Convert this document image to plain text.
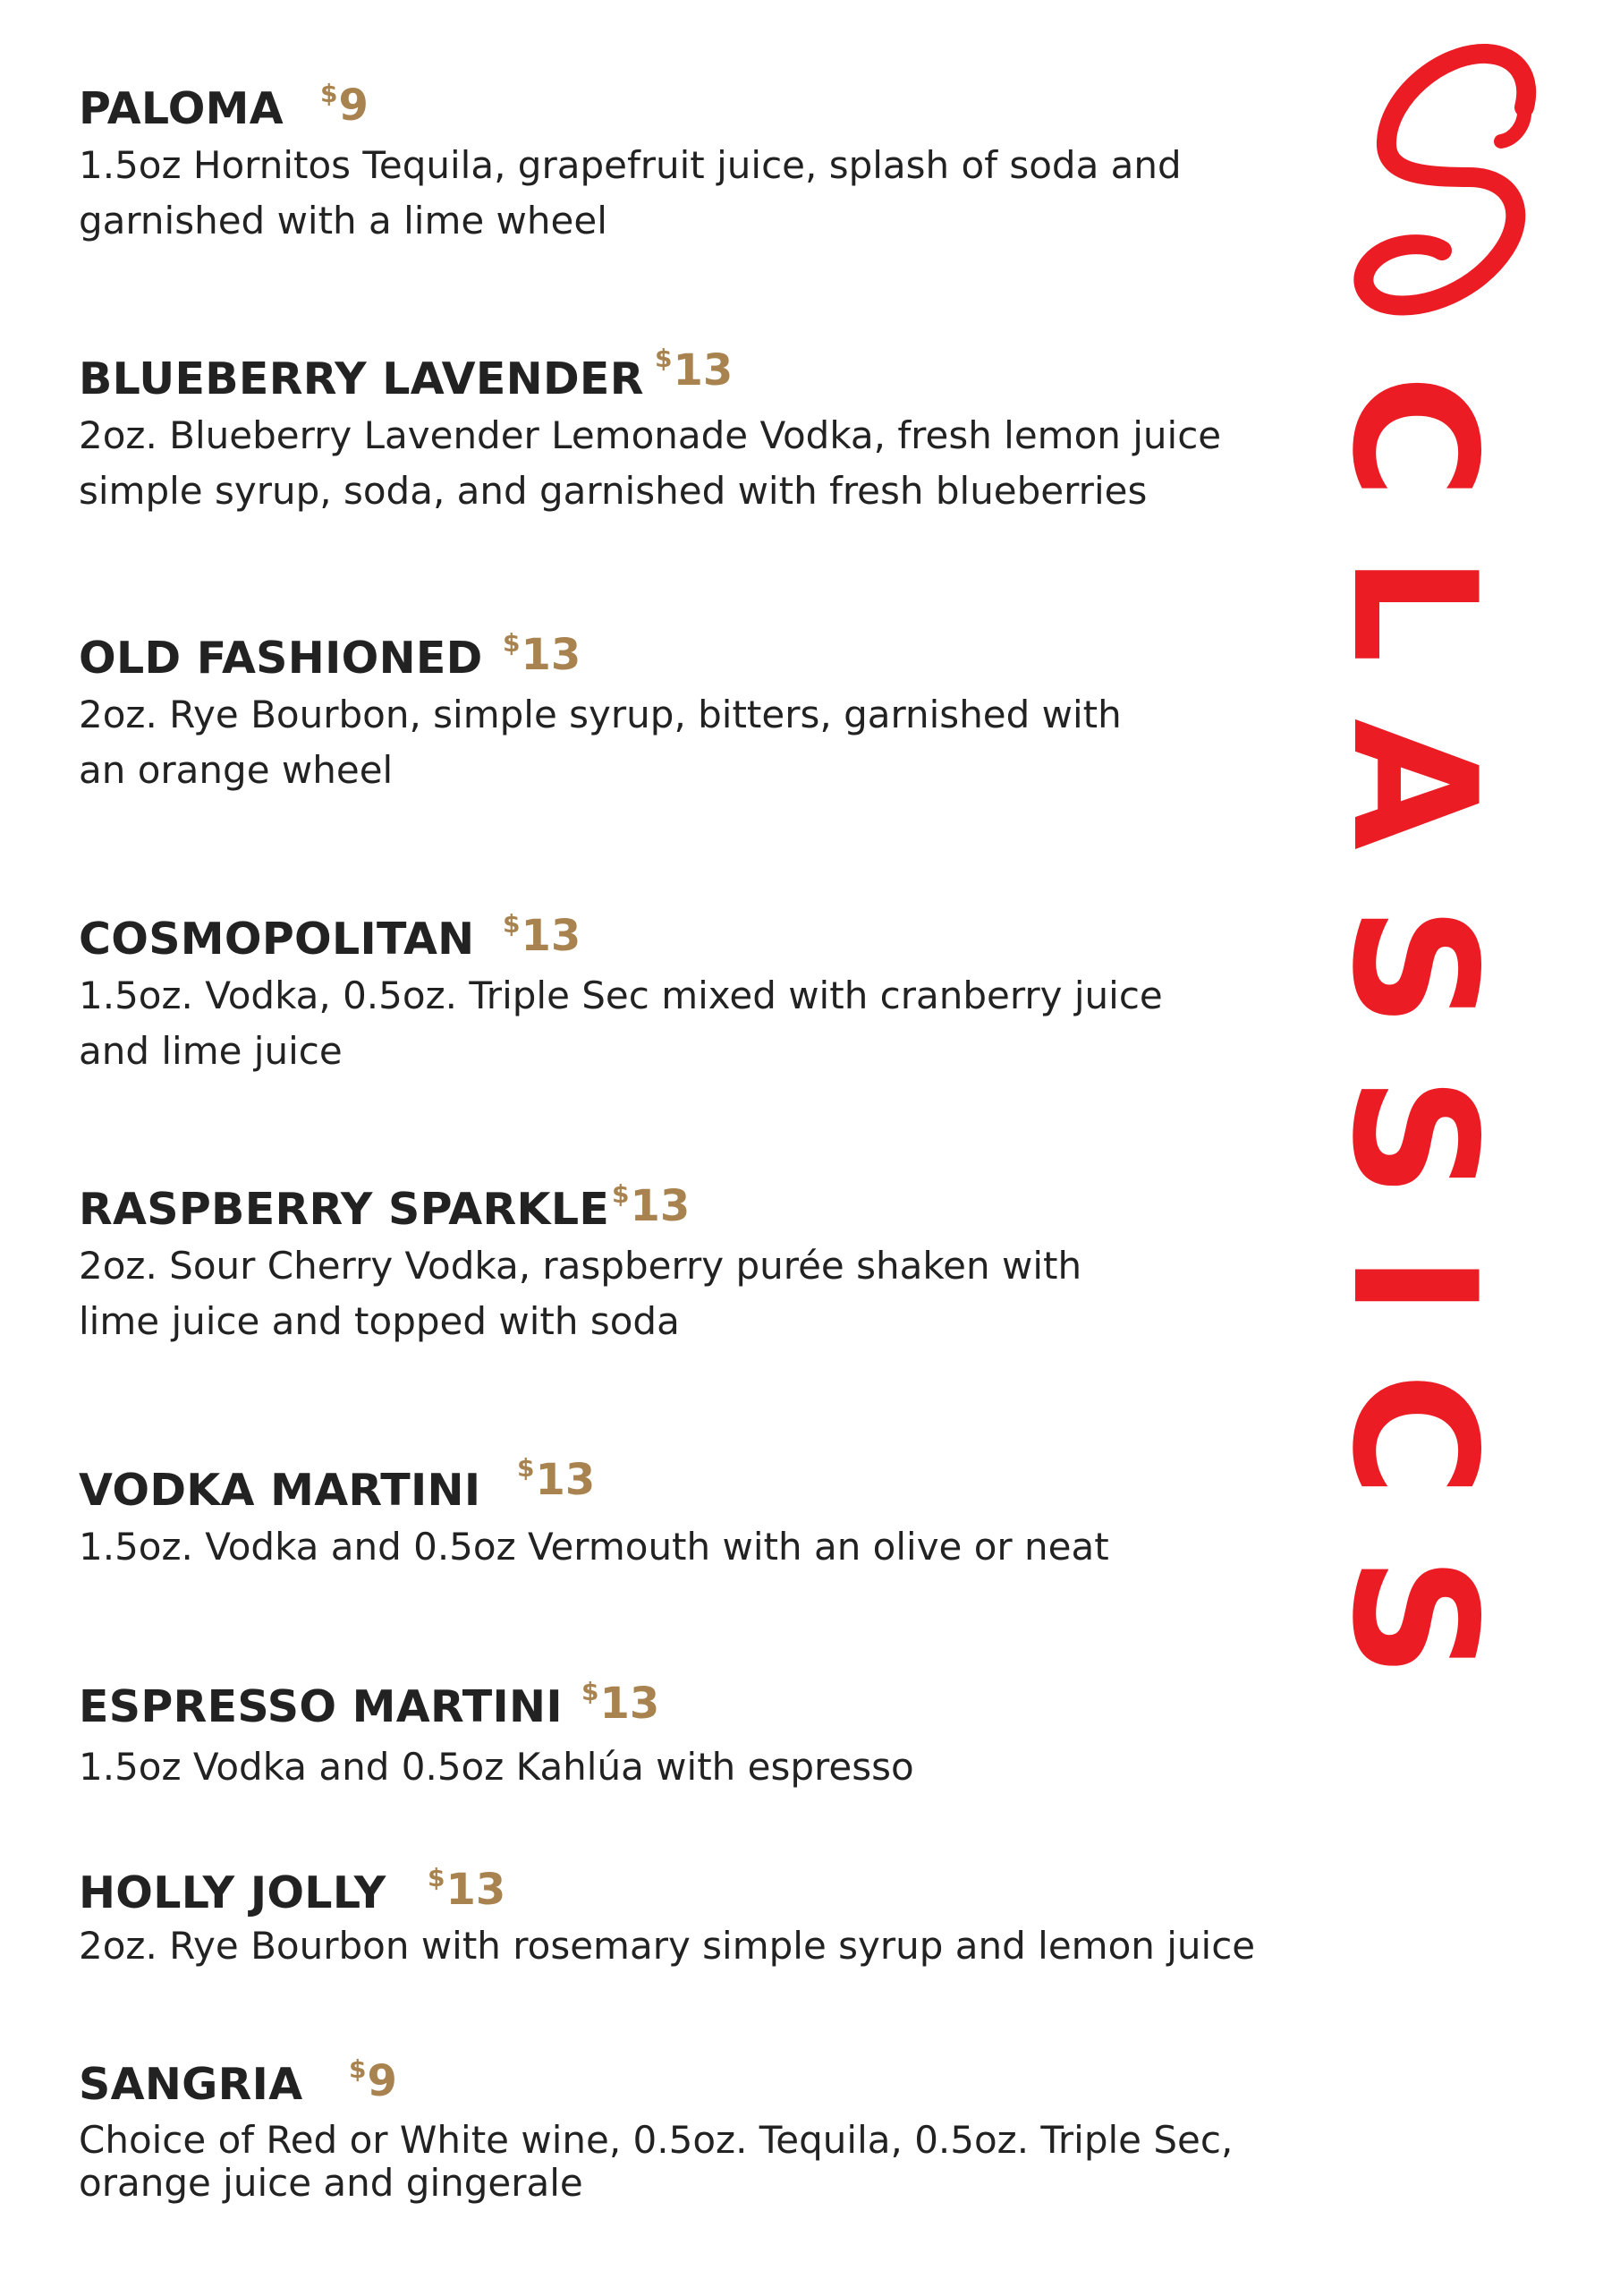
CLASSICS
PALOMA $9
1.5oz Hornitos Tequila, grapefruit juice, splash of soda and
garnished with a lime wheel
BLUEBERRY LAVENDER $13
2oz. Blueberry Lavender Lemonade Vodka, fresh lemon juice
simple syrup, soda, and garnished with fresh blueberries
OLD FASHIONED $13
2oz. Rye Bourbon, simple syrup, bitters, garnished with
an orange wheel
COSMOPOLITAN $13
1.5oz. Vodka, 0.5oz. Triple Sec mixed with cranberry juice
and lime juice
RASPBERRY SPARKLE $13
2oz. Sour Cherry Vodka, raspberry purée shaken with
lime juice and topped with soda
VODKA MARTINI $13
1.5oz. Vodka and 0.5oz Vermouth with an olive or neat
ESPRESSO MARTINI $13
1.5oz Vodka and 0.5oz Kahlúa with espresso
HOLLY JOLLY $13
2oz. Rye Bourbon with rosemary simple syrup and lemon juice
SANGRIA $9
Choice of Red or White wine, 0.5oz. Tequila, 0.5oz. Triple Sec,
orange juice and gingerale
